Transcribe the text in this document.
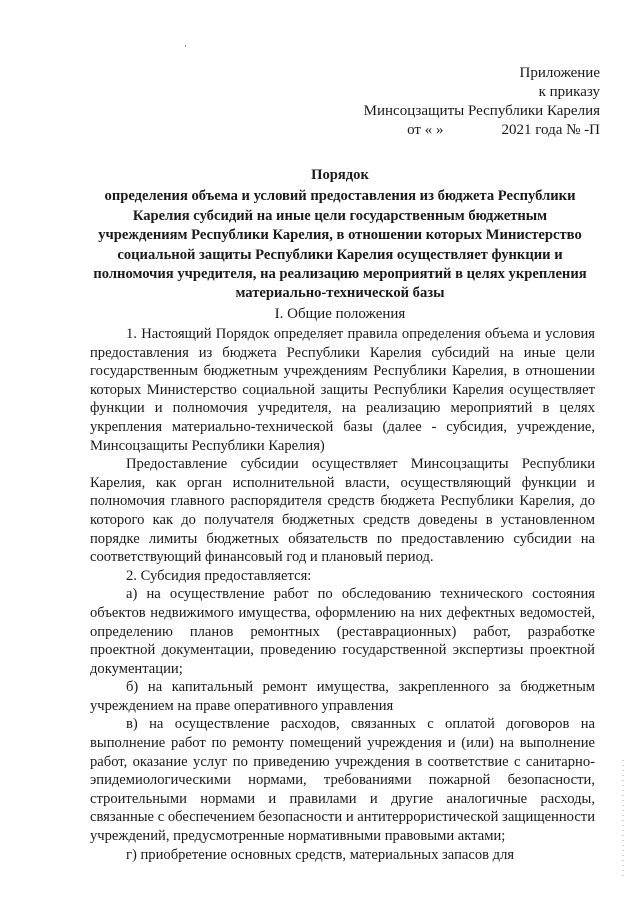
Приложение
к приказу
Минсоцзащиты Республики Карелия
от « »	2021 года № -П
Порядок
определения объема и условий предоставления из бюджета Республики Карелия субсидий на иные цели государственным бюджетным учреждениям Республики Карелия, в отношении которых Министерство социальной защиты Республики Карелия осуществляет функции и полномочия учредителя, на реализацию мероприятий в целях укрепления материально-технической базы
I. Общие положения

1. Настоящий Порядок определяет правила определения объема и условия предоставления из бюджета Республики Карелия субсидий на иные цели государственным бюджетным учреждениям Республики Карелия, в отношении которых Министерство социальной защиты Республики Карелия осуществляет функции и полномочия учредителя, на реализацию мероприятий в целях укрепления материально-технической базы (далее - субсидия, учреждение, Минсоцзащиты Республики Карелия)

Предоставление субсидии осуществляет Минсоцзащиты Республики Карелия, как орган исполнительной власти, осуществляющий функции и полномочия главного распорядителя средств бюджета Республики Карелия, до которого как до получателя бюджетных средств доведены в установленном порядке лимиты бюджетных обязательств по предоставлению субсидии на соответствующий финансовый год и плановый период.

2. Субсидия предоставляется:

а) на осуществление работ по обследованию технического состояния объектов недвижимого имущества, оформлению на них дефектных ведомостей, определению планов ремонтных (реставрационных) работ, разработке проектной документации, проведению государственной экспертизы проектной документации;

б) на капитальный ремонт имущества, закрепленного за бюджетным учреждением на праве оперативного управления

в) на осуществление расходов, связанных с оплатой договоров на выполнение работ по ремонту помещений учреждения и (или) на выполнение работ, оказание услуг по приведению учреждения в соответствие с санитарно-эпидемиологическими нормами, требованиями пожарной безопасности, строительными нормами и правилами и другие аналогичные расходы, связанные с обеспечением безопасности и антитеррористической защищенности учреждений, предусмотренные нормативными правовыми актами;

г) приобретение основных средств, материальных запасов для
